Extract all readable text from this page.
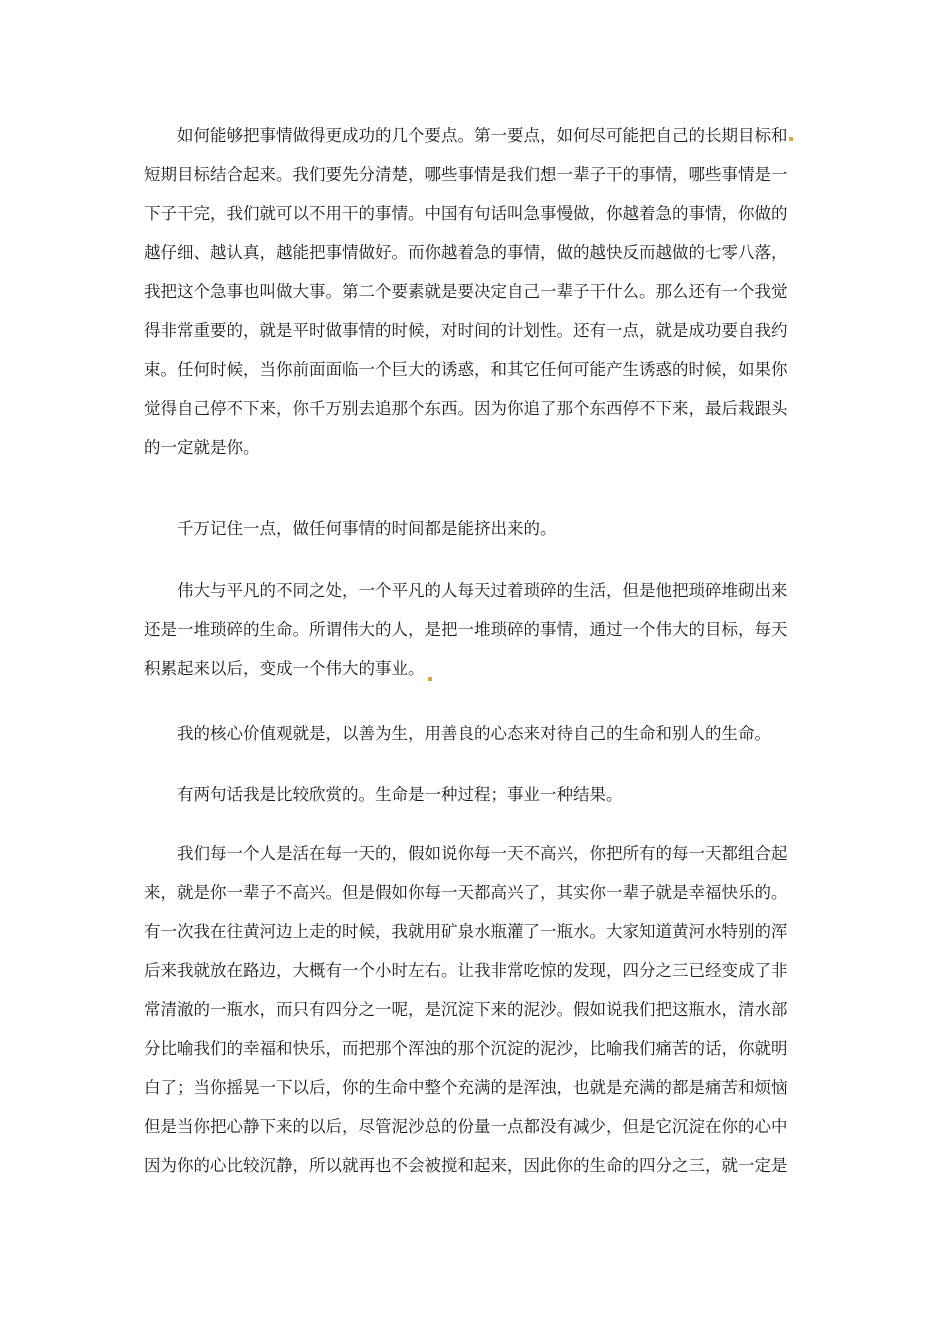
　　如何能够把事情做得更成功的几个要点。第一要点，如何尽可能把自己的长期目标和
短期目标结合起来。我们要先分清楚，哪些事情是我们想一辈子干的事情，哪些事情是一
下子干完，我们就可以不用干的事情。中国有句话叫急事慢做，你越着急的事情，你做的
越仔细、越认真，越能把事情做好。而你越着急的事情，做的越快反而越做的七零八落，
我把这个急事也叫做大事。第二个要素就是要决定自己一辈子干什么。那么还有一个我觉
得非常重要的，就是平时做事情的时候，对时间的计划性。还有一点，就是成功要自我约
束。任何时候，当你前面面临一个巨大的诱惑，和其它任何可能产生诱惑的时候，如果你
觉得自己停不下来，你千万别去追那个东西。因为你追了那个东西停不下来，最后栽跟头
的一定就是你。
　　千万记住一点，做任何事情的时间都是能挤出来的。
　　伟大与平凡的不同之处，一个平凡的人每天过着琐碎的生活，但是他把琐碎堆砌出来
还是一堆琐碎的生命。所谓伟大的人，是把一堆琐碎的事情，通过一个伟大的目标，每天
积累起来以后，变成一个伟大的事业。
　　我的核心价值观就是，以善为生，用善良的心态来对待自己的生命和别人的生命。
　　有两句话我是比较欣赏的。生命是一种过程；事业一种结果。
　　我们每一个人是活在每一天的，假如说你每一天不高兴，你把所有的每一天都组合起
来，就是你一辈子不高兴。但是假如你每一天都高兴了，其实你一辈子就是幸福快乐的。
有一次我在往黄河边上走的时候，我就用矿泉水瓶灌了一瓶水。大家知道黄河水特别的浑
后来我就放在路边，大概有一个小时左右。让我非常吃惊的发现，四分之三已经变成了非
常清澈的一瓶水，而只有四分之一呢，是沉淀下来的泥沙。假如说我们把这瓶水，清水部
分比喻我们的幸福和快乐，而把那个浑浊的那个沉淀的泥沙，比喻我们痛苦的话，你就明
白了；当你摇晃一下以后，你的生命中整个充满的是浑浊，也就是充满的都是痛苦和烦恼
但是当你把心静下来的以后，尽管泥沙总的份量一点都没有减少，但是它沉淀在你的心中
因为你的心比较沉静，所以就再也不会被搅和起来，因此你的生命的四分之三，就一定是
